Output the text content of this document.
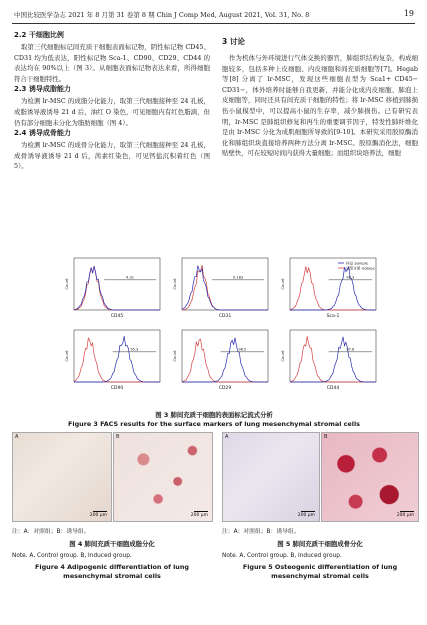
中国比较医学杂志 2021 年 8 月第 31 卷第 8 期 Chin J Comp Med, August 2021, Vol. 31, No. 8	19
2.2 干细胞比例

取第三代细胞标记间充质干细胞表面标记物，阴性标记物 CD45、CD31 均为低表达，阳性标记物 Sca-1、CD90、CD29、CD44 的表达均在 90%以上（图 3）。从细胞表面标记物表达来看，所得细胞符合干细胞特性。

2.3 诱导成脂能力

为检测 lr-MSC 的成脂分化能力，取第三代细胞接种至 24 孔板，成脂诱导液诱导 21 d 后，油红 O 染色，可见细胞内有红色脂滴，但仍有部分细胞未分化为脂肪细胞（图 4）。

2.4 诱导成骨能力

为检测 lr-MSC 的成骨分化能力，取第三代细胞接种至 24 孔板，成骨诱导液诱导 21 d 后，茜素红染色，可见钙盐沉积着红色（图 5）。

3 讨论

作为机体与外环境进行气体交换的器官，肺组织结构复杂，构成细胞较多，包括多种上皮细胞、内皮细胞和间充质细胞等[7]。Hegab 等[8] 分离了 lr-MSC，发现这些细胞表型为 Sca1+ CD45− CD31−，体外培养时能够自我更新，并能分化成内皮细胞、肺泡上皮细胞等，同时还具有间充质干细胞的特性；将 lr-MSC 移植到肺损伤小鼠模型中，可以提高小鼠的生存率，减少肺损伤。已有研究表明，lr-MSC 是肺组织修复和再生的重要调节因子，特发性肺纤维化是由 lr-MSC 分化为成肌细胞所导致的[9-10]。本研究采用胶原酶消化和肺组织块直接培养两种方法分离 lr-MSC。胶原酶消化法，细胞贴壁快，可在较短时间内获得大量细胞；而组织块培养法，细胞

4.31
CD45
Count
0.183
CD31
Count
98.3
Sca-1
Count
95.3
CD90
Count
98.5
CD29
Count
97.8
CD44
Count
样品 Sample
同型对照 Isotype
图 3 肺间充质干细胞的表面标记流式分析
Figure 3 FACS results for the surface markers of lung mesenchymal stromal cells
A
200 μm
B
200 μm
A
200 μm
B
200 μm
注：A：对照组；B：诱导组。
图 4 肺间充质干细胞成脂分化
Note. A, Control group. B, Induced group.
Figure 4 Adipogenic differentiation of lung mesenchymal stromal cells
注：A：对照组；B：诱导组。
图 5 肺间充质干细胞成骨分化
Note. A, Control group. B, Induced group.
Figure 5 Osteogenic differentiation of lung mesenchymal stromal cells
